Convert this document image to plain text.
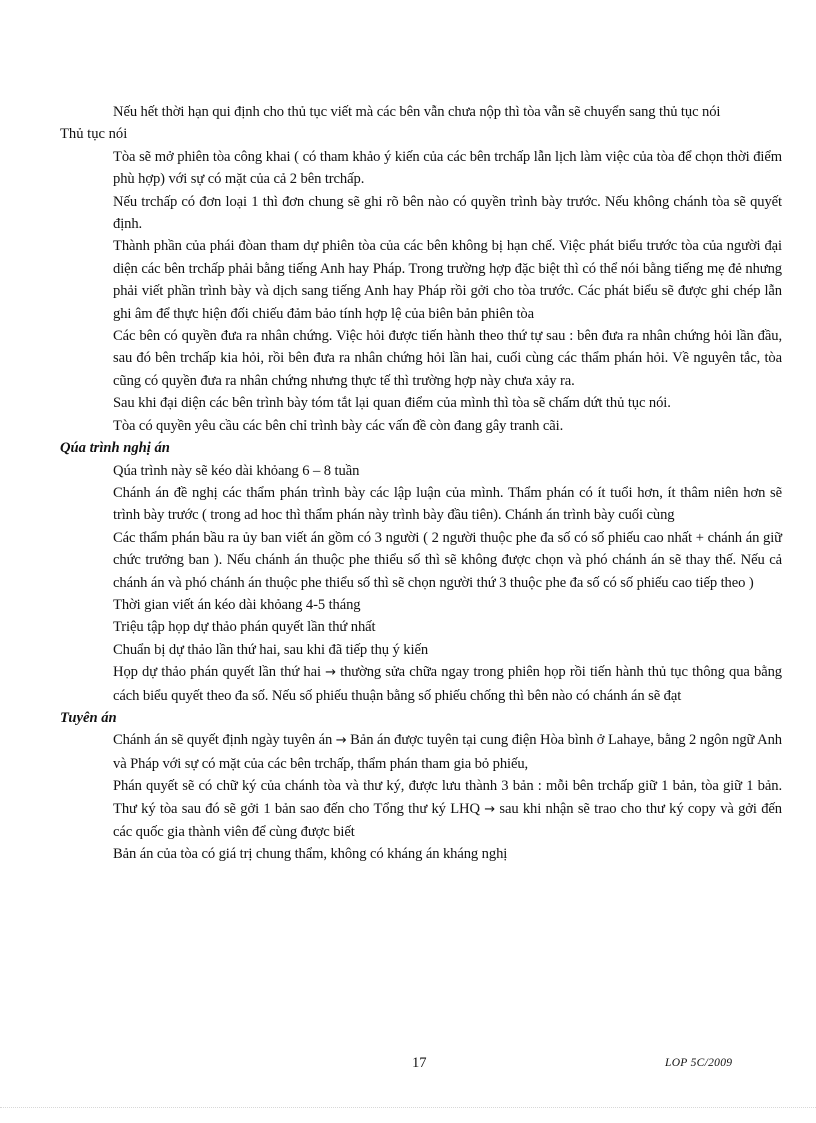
Nếu hết thời hạn qui định cho thủ tục viết mà các bên vẫn chưa nộp thì tòa vẫn sẽ chuyển sang thủ tục nói

Thủ tục nói

Tòa sẽ mở phiên tòa công khai ( có tham khảo ý kiến của các bên trchấp lẫn lịch làm việc của tòa để chọn thời điểm phù hợp) với sự có mặt của cả 2 bên trchấp.

Nếu trchấp có đơn loại 1 thì đơn chung sẽ ghi rõ bên nào có quyền trình bày trước. Nếu không chánh tòa sẽ quyết định.

Thành phần của phái đòan tham dự phiên tòa của các bên không bị hạn chế. Việc phát biểu trước tòa của người đại diện các bên trchấp phải bằng tiếng Anh hay Pháp. Trong trường hợp đặc biệt thì có thể nói bằng tiếng mẹ đẻ nhưng phải viết phần trình bày và dịch sang tiếng Anh hay Pháp rồi gởi cho tòa trước. Các phát biểu sẽ được ghi chép lẫn ghi âm để thực hiện đối chiếu đảm bảo tính hợp lệ của biên bản phiên tòa

Các bên có quyền đưa ra nhân chứng. Việc hỏi được tiến hành theo thứ tự sau : bên đưa ra nhân chứng hỏi lần đầu, sau đó bên trchấp kia hỏi, rồi bên đưa ra nhân chứng hỏi lần hai, cuối cùng các thẩm phán hỏi. Về nguyên tắc, tòa cũng có quyền đưa ra nhân chứng nhưng thực tế thì trường hợp này chưa xảy ra.

Sau khi đại diện các bên trình bày tóm tắt lại quan điểm của mình thì tòa sẽ chấm dứt thủ tục nói.

Tòa có quyền yêu cầu các bên chỉ trình bày các vấn đề còn đang gây tranh cãi.

Qúa trình nghị án

Qúa trình này sẽ kéo dài khỏang 6 – 8 tuần

Chánh án đề nghị các thẩm phán trình bày các lập luận của mình. Thẩm phán có ít tuổi hơn, ít thâm niên hơn sẽ trình bày trước ( trong ad hoc thì thẩm phán này trình bày đầu tiên). Chánh án trình bày cuối cùng

Các thẩm phán bầu ra ủy ban viết án gồm có 3 người ( 2 người thuộc phe đa số có số phiếu cao nhất + chánh án giữ chức trưởng ban ). Nếu chánh án thuộc phe thiểu số thì sẽ không được chọn và phó chánh án sẽ thay thế. Nếu cả chánh án và phó chánh án thuộc phe thiểu số thì sẽ chọn người thứ 3 thuộc phe đa số có số phiếu cao tiếp theo )

Thời gian viết án kéo dài khỏang 4-5 tháng

Triệu tập họp dự thảo phán quyết lần thứ nhất

Chuẩn bị dự thảo lần thứ hai, sau khi đã tiếp thụ ý kiến

Họp dự thảo phán quyết lần thứ hai → thường sửa chữa ngay trong phiên họp rồi tiến hành thủ tục thông qua bằng cách biểu quyết theo đa số. Nếu số phiếu thuận bằng số phiếu chống thì bên nào có chánh án sẽ đạt

Tuyên án

Chánh án sẽ quyết định ngày tuyên án → Bản án được tuyên tại cung điện Hòa bình ở Lahaye, bằng 2 ngôn ngữ Anh và Pháp với sự có mặt của các bên trchấp, thẩm phán tham gia bỏ phiếu,

Phán quyết sẽ có chữ ký của chánh tòa và thư ký, được lưu thành 3 bản : mỗi bên trchấp giữ 1 bản, tòa giữ 1 bản. Thư ký tòa sau đó sẽ gởi 1 bản sao đến cho Tổng thư ký LHQ → sau khi nhận sẽ trao cho thư ký copy và gởi đến các quốc gia thành viên để cùng được biết

Bản án của tòa có giá trị chung thẩm, không có kháng án kháng nghị

17	LOP 5C/2009
